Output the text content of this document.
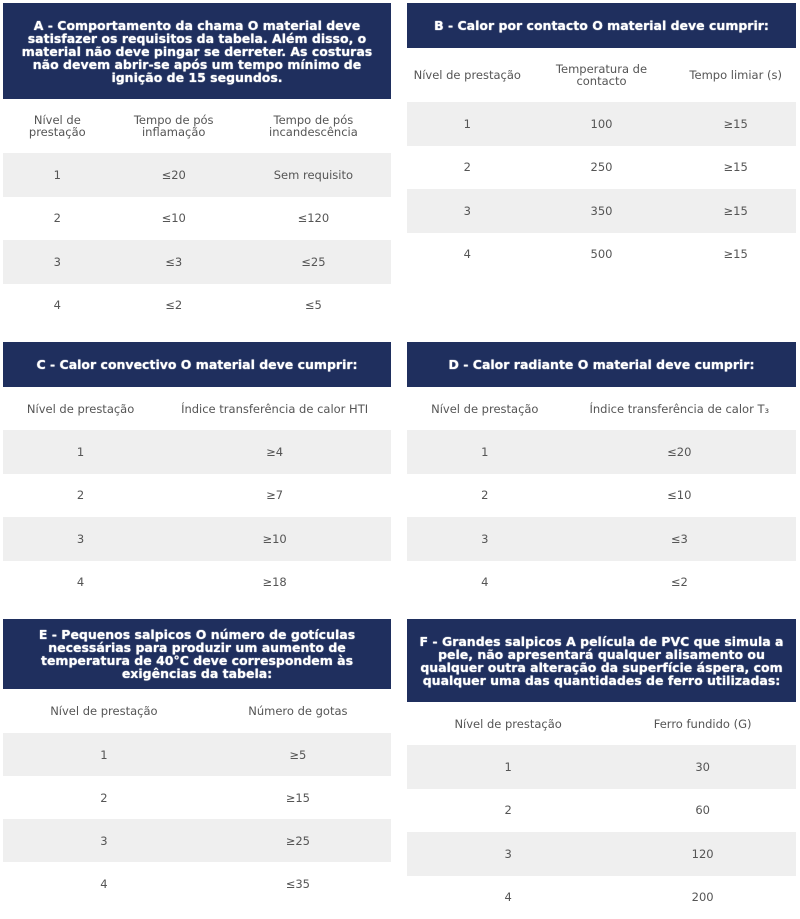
A - Comportamento da chama O material deve satisfazer os requisitos da tabela. Além disso, o material não deve pingar se derreter. As costuras não devem abrir-se após um tempo mínimo de ignição de 15 segundos.
Nível de prestação	Tempo de pós inflamação	Tempo de pós incandescência
1	≤20	Sem requisito
2	≤10	≤120
3	≤3	≤25
4	≤2	≤5
B - Calor por contacto O material deve cumprir:
Nível de prestação	Temperatura de contacto	Tempo limiar (s)
1	100	≥15
2	250	≥15
3	350	≥15
4	500	≥15
C - Calor convectivo O material deve cumprir:
Nível de prestação	Índice transferência de calor HTI
1	≥4
2	≥7
3	≥10
4	≥18
D - Calor radiante O material deve cumprir:
Nível de prestação	Índice transferência de calor T₃
1	≤20
2	≤10
3	≤3
4	≤2
E - Pequenos salpicos O número de gotículas necessárias para produzir um aumento de temperatura de 40°C deve correspondem às exigências da tabela:
Nível de prestação	Número de gotas
1	≥5
2	≥15
3	≥25
4	≤35
F - Grandes salpicos A película de PVC que simula a pele, não apresentará qualquer alisamento ou qualquer outra alteração da superfície áspera, com qualquer uma das quantidades de ferro utilizadas:
Nível de prestação	Ferro fundido (G)
1	30
2	60
3	120
4	200
